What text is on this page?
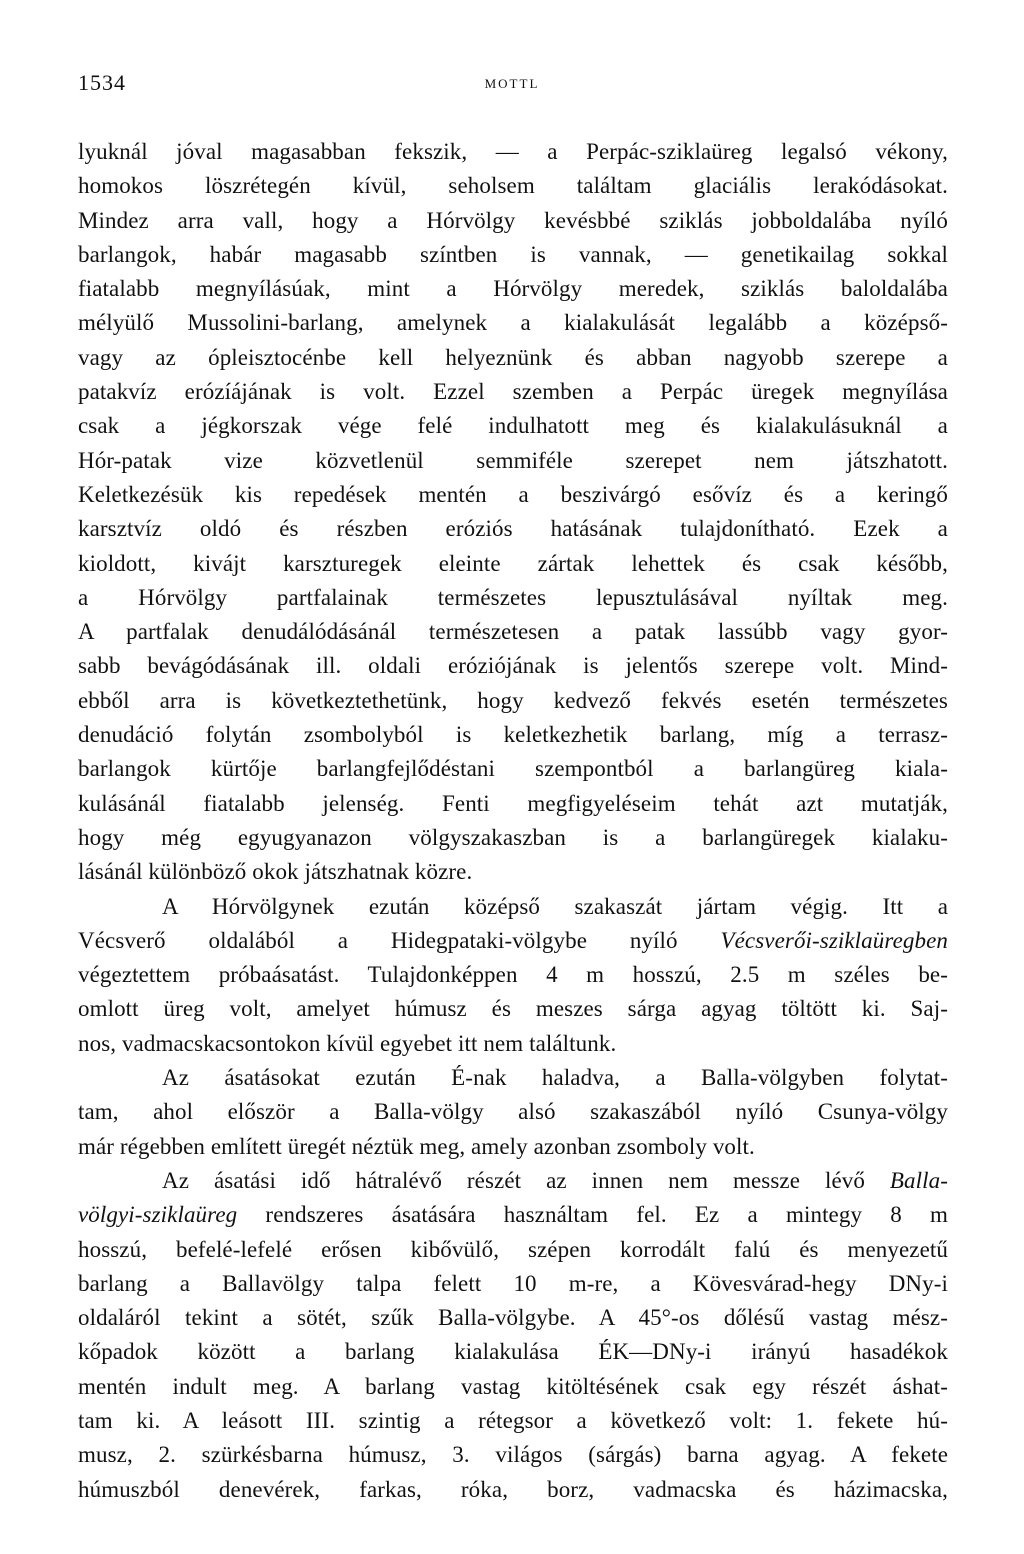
1534	MOTTL
lyuknál jóval magasabban fekszik, — a Perpác-sziklaüreg legalsó vékony,
homokos löszrétegén kívül, seholsem találtam glaciális lerakódásokat.
Mindez arra vall, hogy a Hórvölgy kevésbbé sziklás jobboldalába nyíló
barlangok, habár magasabb színtben is vannak, — genetikailag sokkal
fiatalabb megnyílásúak, mint a Hórvölgy meredek, sziklás baloldalába
mélyülő Mussolini-barlang, amelynek a kialakulását legalább a középső-
vagy az ópleisztocénbe kell helyeznünk és abban nagyobb szerepe a
patakvíz erózíájának is volt. Ezzel szemben a Perpác üregek megnyílása
csak a jégkorszak vége felé indulhatott meg és kialakulásuknál a
Hór-patak vize közvetlenül semmiféle szerepet nem játszhatott.
Keletkezésük kis repedések mentén a beszivárgó esővíz és a keringő
karsztvíz oldó és részben eróziós hatásának tulajdonítható. Ezek a
kioldott, kivájt karszturegek eleinte zártak lehettek és csak később,
a Hórvölgy partfalainak természetes lepusztulásával nyíltak meg.
A partfalak denudálódásánál természetesen a patak lassúbb vagy gyor-
sabb bevágódásának ill. oldali eróziójának is jelentős szerepe volt. Mind-
ebből arra is következtethetünk, hogy kedvező fekvés esetén természetes
denudáció folytán zsombolyból is keletkezhetik barlang, míg a terrasz-
barlangok kürtője barlangfejlődéstani szempontból a barlangüreg kiala-
kulásánál fiatalabb jelenség. Fenti megfigyeléseim tehát azt mutatják,
hogy még egyugyanazon völgyszakaszban is a barlangüregek kialaku-
lásánál különböző okok játszhatnak közre.
A Hórvölgynek ezután középső szakaszát jártam végig. Itt a
Vécsverő oldalából a Hidegpataki-völgybe nyíló Vécsverői-sziklaüregben
végeztettem próbaásatást. Tulajdonképpen 4 m hosszú, 2.5 m széles be-
omlott üreg volt, amelyet húmusz és meszes sárga agyag töltött ki. Saj-
nos, vadmacskacsontokon kívül egyebet itt nem találtunk.
Az ásatásokat ezután É-nak haladva, a Balla-völgyben folytat-
tam, ahol először a Balla-völgy alsó szakaszából nyíló Csunya-völgy
már régebben említett üregét néztük meg, amely azonban zsomboly volt.
Az ásatási idő hátralévő részét az innen nem messze lévő Balla-
völgyi-sziklaüreg rendszeres ásatására használtam fel. Ez a mintegy 8 m
hosszú, befelé-lefelé erősen kibővülő, szépen korrodált falú és menyezetű
barlang a Ballavölgy talpa felett 10 m-re, a Kövesvárad-hegy DNy-i
oldaláról tekint a sötét, szűk Balla-völgybe. A 45°-os dőlésű vastag mész-
kőpadok között a barlang kialakulása ÉK—DNy-i irányú hasadékok
mentén indult meg. A barlang vastag kitöltésének csak egy részét áshat-
tam ki. A leásott III. szintig a rétegsor a következő volt: 1. fekete hú-
musz, 2. szürkésbarna húmusz, 3. világos (sárgás) barna agyag. A fekete
húmuszból denevérek, farkas, róka, borz, vadmacska és házimacska,
